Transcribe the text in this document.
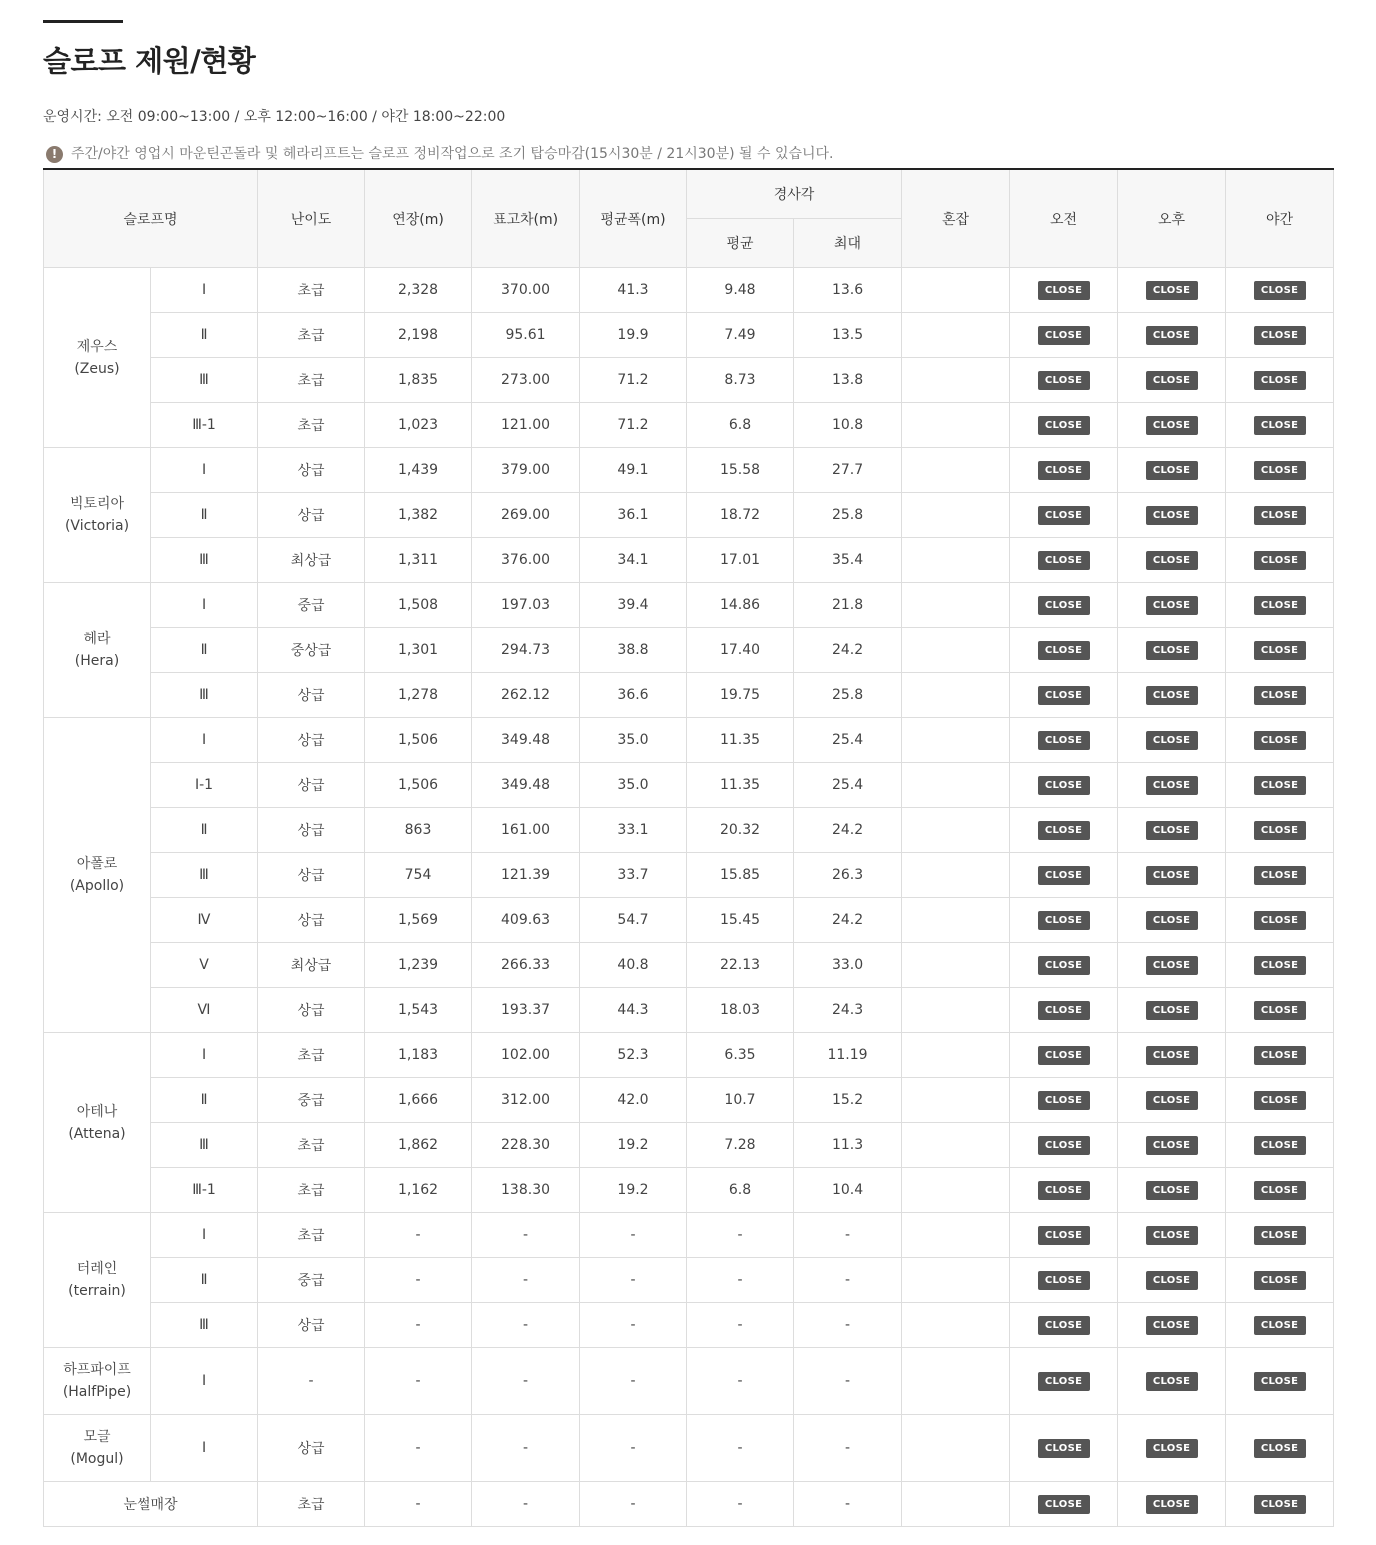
슬로프 제원/현황
운영시간: 오전 09:00~13:00 / 오후 12:00~16:00 / 야간 18:00~22:00
! 주간/야간 영업시 마운틴곤돌라 및 헤라리프트는 슬로프 정비작업으로 조기 탑승마감(15시30분 / 21시30분) 될 수 있습니다.
슬로프명		난이도	연장(m)	표고차(m)	평균폭(m)	경사각		혼잡	오전	오후	야간
						평균	최대				

제우스
(Zeus)	Ⅰ	초급	2,328	370.00	41.3	9.48	13.6		CLOSE	CLOSE	CLOSE
	Ⅱ	초급	2,198	95.61	19.9	7.49	13.5		CLOSE	CLOSE	CLOSE
	Ⅲ	초급	1,835	273.00	71.2	8.73	13.8		CLOSE	CLOSE	CLOSE
	Ⅲ-1	초급	1,023	121.00	71.2	6.8	10.8		CLOSE	CLOSE	CLOSE

빅토리아
(Victoria)	Ⅰ	상급	1,439	379.00	49.1	15.58	27.7		CLOSE	CLOSE	CLOSE
	Ⅱ	상급	1,382	269.00	36.1	18.72	25.8		CLOSE	CLOSE	CLOSE
	Ⅲ	최상급	1,311	376.00	34.1	17.01	35.4		CLOSE	CLOSE	CLOSE

헤라
(Hera)	Ⅰ	중급	1,508	197.03	39.4	14.86	21.8		CLOSE	CLOSE	CLOSE
	Ⅱ	중상급	1,301	294.73	38.8	17.40	24.2		CLOSE	CLOSE	CLOSE
	Ⅲ	상급	1,278	262.12	36.6	19.75	25.8		CLOSE	CLOSE	CLOSE

아폴로
(Apollo)	Ⅰ	상급	1,506	349.48	35.0	11.35	25.4		CLOSE	CLOSE	CLOSE
	Ⅰ-1	상급	1,506	349.48	35.0	11.35	25.4		CLOSE	CLOSE	CLOSE
	Ⅱ	상급	863	161.00	33.1	20.32	24.2		CLOSE	CLOSE	CLOSE
	Ⅲ	상급	754	121.39	33.7	15.85	26.3		CLOSE	CLOSE	CLOSE
	Ⅳ	상급	1,569	409.63	54.7	15.45	24.2		CLOSE	CLOSE	CLOSE
	Ⅴ	최상급	1,239	266.33	40.8	22.13	33.0		CLOSE	CLOSE	CLOSE
	Ⅵ	상급	1,543	193.37	44.3	18.03	24.3		CLOSE	CLOSE	CLOSE

아테나
(Attena)	Ⅰ	초급	1,183	102.00	52.3	6.35	11.19		CLOSE	CLOSE	CLOSE
	Ⅱ	중급	1,666	312.00	42.0	10.7	15.2		CLOSE	CLOSE	CLOSE
	Ⅲ	초급	1,862	228.30	19.2	7.28	11.3		CLOSE	CLOSE	CLOSE
	Ⅲ-1	초급	1,162	138.30	19.2	6.8	10.4		CLOSE	CLOSE	CLOSE

터레인
(terrain)	Ⅰ	초급	-	-	-	-	-		CLOSE	CLOSE	CLOSE
	Ⅱ	중급	-	-	-	-	-		CLOSE	CLOSE	CLOSE
	Ⅲ	상급	-	-	-	-	-		CLOSE	CLOSE	CLOSE

하프파이프
(HalfPipe)	Ⅰ	-	-	-	-	-	-		CLOSE	CLOSE	CLOSE

모글
(Mogul)	Ⅰ	상급	-	-	-	-	-		CLOSE	CLOSE	CLOSE
눈썰매장		초급	-	-	-	-	-		CLOSE	CLOSE	CLOSE
